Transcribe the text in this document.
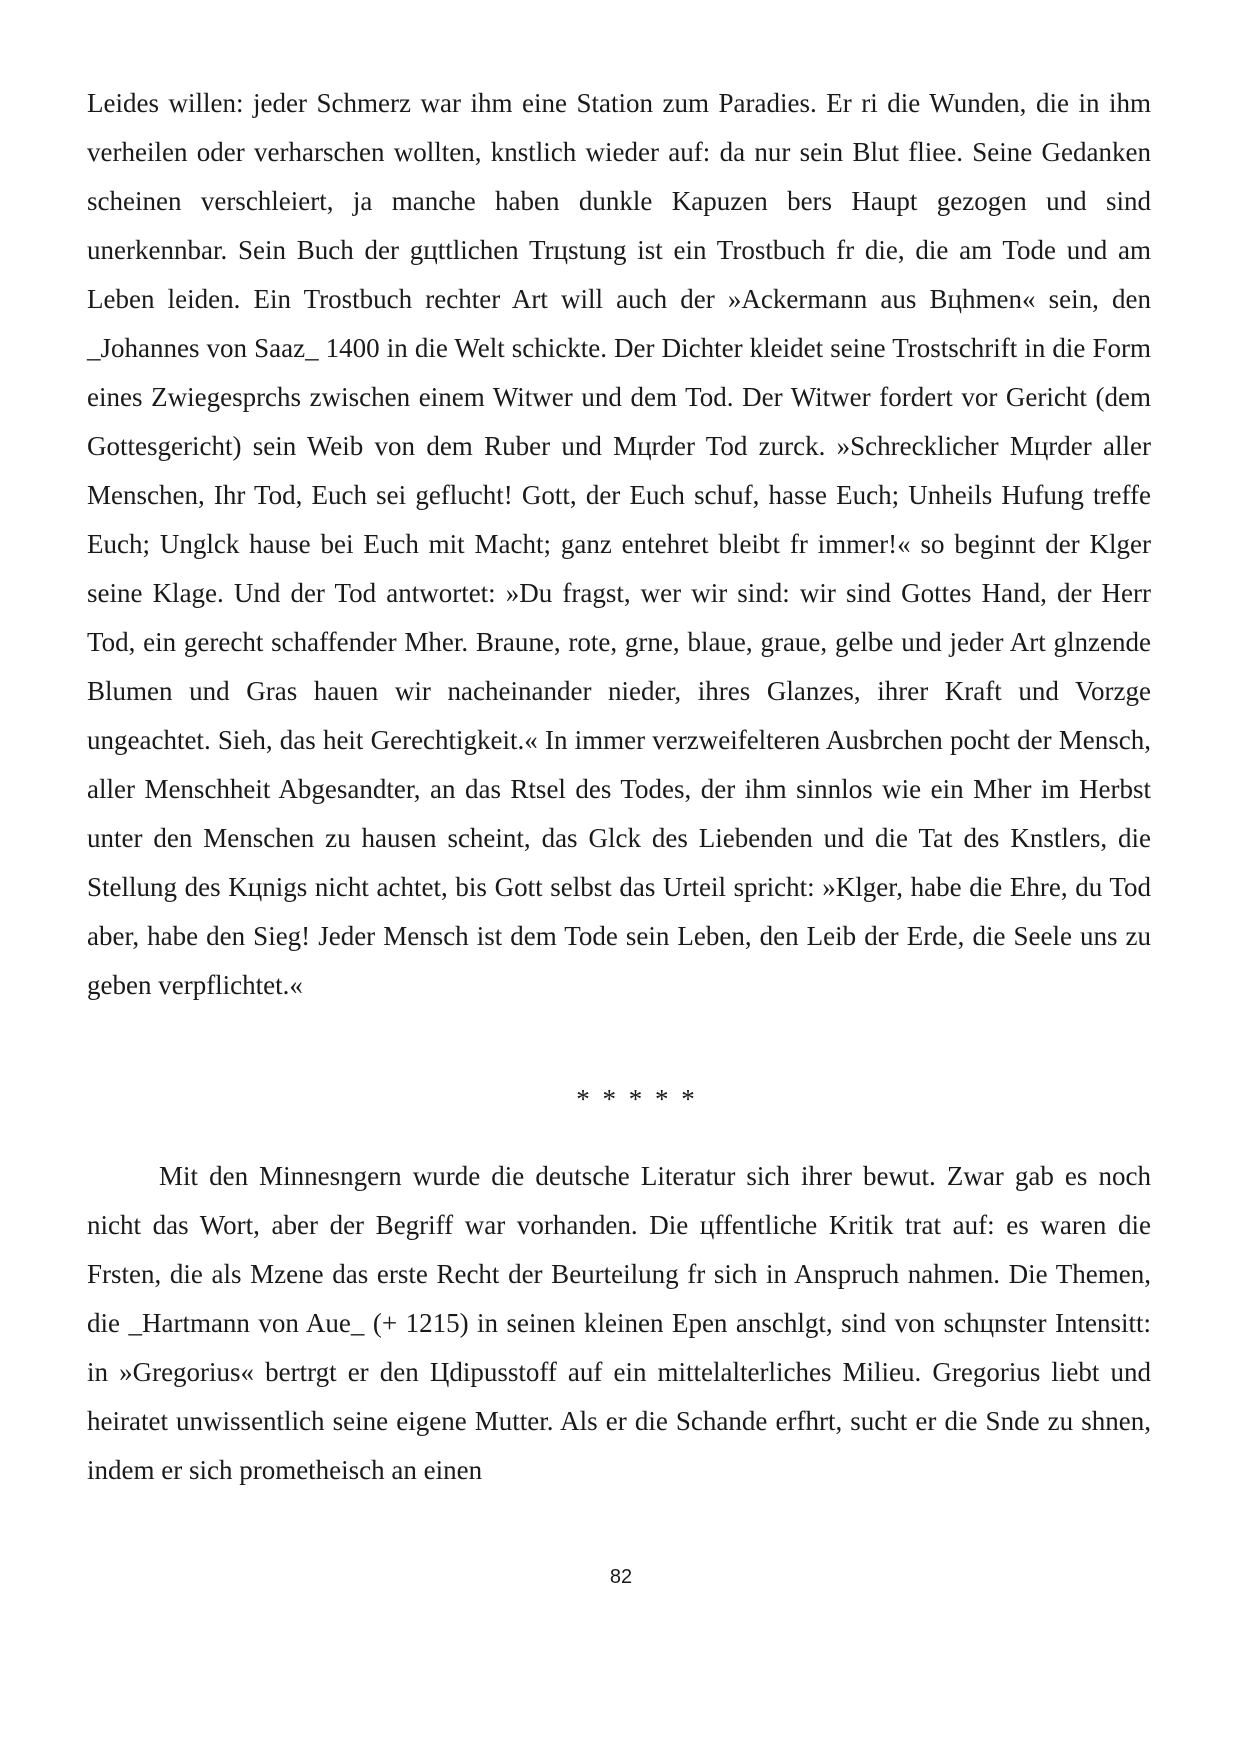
Leides willen: jeder Schmerz war ihm eine Station zum Paradies. Er ri die Wunden, die in ihm verheilen oder verharschen wollten, knstlich wieder auf: da nur sein Blut fliee. Seine Gedanken scheinen verschleiert, ja manche haben dunkle Kapuzen bers Haupt gezogen und sind unerkennbar. Sein Buch der gцttlichen Trцstung ist ein Trostbuch fr die, die am Tode und am Leben leiden. Ein Trostbuch rechter Art will auch der »Ackermann aus Bцhmen« sein, den _Johannes von Saaz_ 1400 in die Welt schickte. Der Dichter kleidet seine Trostschrift in die Form eines Zwiegesprchs zwischen einem Witwer und dem Tod. Der Witwer fordert vor Gericht (dem Gottesgericht) sein Weib von dem Ruber und Mцrder Tod zurck. »Schrecklicher Mцrder aller Menschen, Ihr Tod, Euch sei geflucht! Gott, der Euch schuf, hasse Euch; Unheils Hufung treffe Euch; Unglck hause bei Euch mit Macht; ganz entehret bleibt fr immer!« so beginnt der Klger seine Klage. Und der Tod antwortet: »Du fragst, wer wir sind: wir sind Gottes Hand, der Herr Tod, ein gerecht schaffender Mher. Braune, rote, grne, blaue, graue, gelbe und jeder Art glnzende Blumen und Gras hauen wir nacheinander nieder, ihres Glanzes, ihrer Kraft und Vorzge ungeachtet. Sieh, das heit Gerechtigkeit.« In immer verzweifelteren Ausbrchen pocht der Mensch, aller Menschheit Abgesandter, an das Rtsel des Todes, der ihm sinnlos wie ein Mher im Herbst unter den Menschen zu hausen scheint, das Glck des Liebenden und die Tat des Knstlers, die Stellung des Kцnigs nicht achtet, bis Gott selbst das Urteil spricht: »Klger, habe die Ehre, du Tod aber, habe den Sieg! Jeder Mensch ist dem Tode sein Leben, den Leib der Erde, die Seele uns zu geben verpflichtet.«

* * * * *

Mit den Minnesngern wurde die deutsche Literatur sich ihrer bewut. Zwar gab es noch nicht das Wort, aber der Begriff war vorhanden. Die цffentliche Kritik trat auf: es waren die Frsten, die als Mzene das erste Recht der Beurteilung fr sich in Anspruch nahmen. Die Themen, die _Hartmann von Aue_ (+ 1215) in seinen kleinen Epen anschlgt, sind von schцnster Intensitt: in »Gregorius« bertrgt er den Цdipusstoff auf ein mittelalterliches Milieu. Gregorius liebt und heiratet unwissentlich seine eigene Mutter. Als er die Schande erfhrt, sucht er die Snde zu shnen, indem er sich prometheisch an einen

82
